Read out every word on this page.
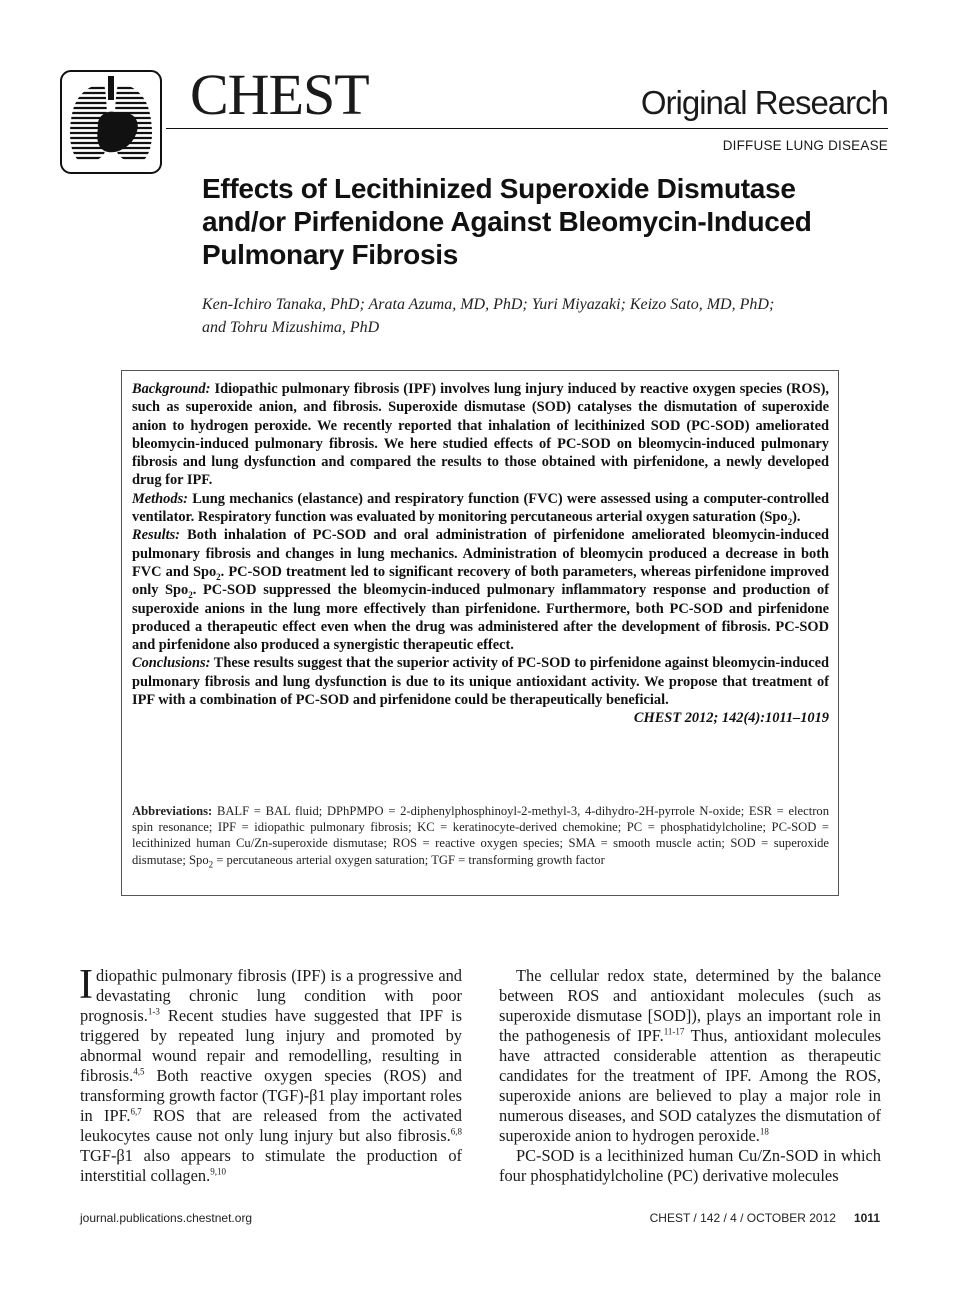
CHEST	Original Research
DIFFUSE LUNG DISEASE
Effects of Lecithinized Superoxide Dismutase and/or Pirfenidone Against Bleomycin-Induced Pulmonary Fibrosis
Ken-Ichiro Tanaka, PhD; Arata Azuma, MD, PhD; Yuri Miyazaki; Keizo Sato, MD, PhD;
and Tohru Mizushima, PhD

Background: Idiopathic pulmonary fibrosis (IPF) involves lung injury induced by reactive oxygen species (ROS), such as superoxide anion, and fibrosis. Superoxide dismutase (SOD) catalyses the dismutation of superoxide anion to hydrogen peroxide. We recently reported that inhalation of lecithinized SOD (PC-SOD) ameliorated bleomycin-induced pulmonary fibrosis. We here studied effects of PC-SOD on bleomycin-induced pulmonary fibrosis and lung dysfunction and compared the results to those obtained with pirfenidone, a newly developed drug for IPF.

Methods: Lung mechanics (elastance) and respiratory function (FVC) were assessed using a computer-controlled ventilator. Respiratory function was evaluated by monitoring percutaneous arterial oxygen saturation (Spo$_2$).

Results: Both inhalation of PC-SOD and oral administration of pirfenidone ameliorated bleomycin-induced pulmonary fibrosis and changes in lung mechanics. Administration of bleomycin produced a decrease in both FVC and Spo$_2$. PC-SOD treatment led to significant recovery of both parameters, whereas pirfenidone improved only Spo$_2$. PC-SOD suppressed the bleomycin-induced pulmonary inflammatory response and production of superoxide anions in the lung more effectively than pirfenidone. Furthermore, both PC-SOD and pirfenidone produced a therapeutic effect even when the drug was administered after the development of fibrosis. PC-SOD and pirfenidone also produced a synergistic therapeutic effect.

Conclusions: These results suggest that the superior activity of PC-SOD to pirfenidone against bleomycin-induced pulmonary fibrosis and lung dysfunction is due to its unique antioxidant activity. We propose that treatment of IPF with a combination of PC-SOD and pirfenidone could be therapeutically beneficial.
CHEST 2012; 142(4):1011–1019

Abbreviations: BALF = BAL fluid; DPhPMPO = 2-diphenylphosphinoyl-2-methyl-3, 4-dihydro-2H-pyrrole N-oxide; ESR = electron spin resonance; IPF = idiopathic pulmonary fibrosis; KC = keratinocyte-derived chemokine; PC = phosphatidylcholine; PC-SOD = lecithinized human Cu/Zn-superoxide dismutase; ROS = reactive oxygen species; SMA = smooth muscle actin; SOD = superoxide dismutase; Spo$_2$ = percutaneous arterial oxygen saturation; TGF = transforming growth factor

Idiopathic pulmonary fibrosis (IPF) is a progressive and devastating chronic lung condition with poor prognosis.$^{1-3}$ Recent studies have suggested that IPF is triggered by repeated lung injury and promoted by abnormal wound repair and remodelling, resulting in fibrosis.$^{4,5}$ Both reactive oxygen species (ROS) and transforming growth factor (TGF)-β1 play important roles in IPF.$^{6,7}$ ROS that are released from the activated leukocytes cause not only lung injury but also fibrosis.$^{6,8}$ TGF-β1 also appears to stimulate the production of interstitial collagen.$^{9,10}$

The cellular redox state, determined by the balance between ROS and antioxidant molecules (such as superoxide dismutase [SOD]), plays an important role in the pathogenesis of IPF.$^{11-17}$ Thus, antioxidant molecules have attracted considerable attention as therapeutic candidates for the treatment of IPF. Among the ROS, superoxide anions are believed to play a major role in numerous diseases, and SOD catalyzes the dismutation of superoxide anion to hydrogen peroxide.$^{18}$

PC-SOD is a lecithinized human Cu/Zn-SOD in which four phosphatidylcholine (PC) derivative molecules

journal.publications.chestnet.org	CHEST / 142 / 4 / OCTOBER 2012 1011
